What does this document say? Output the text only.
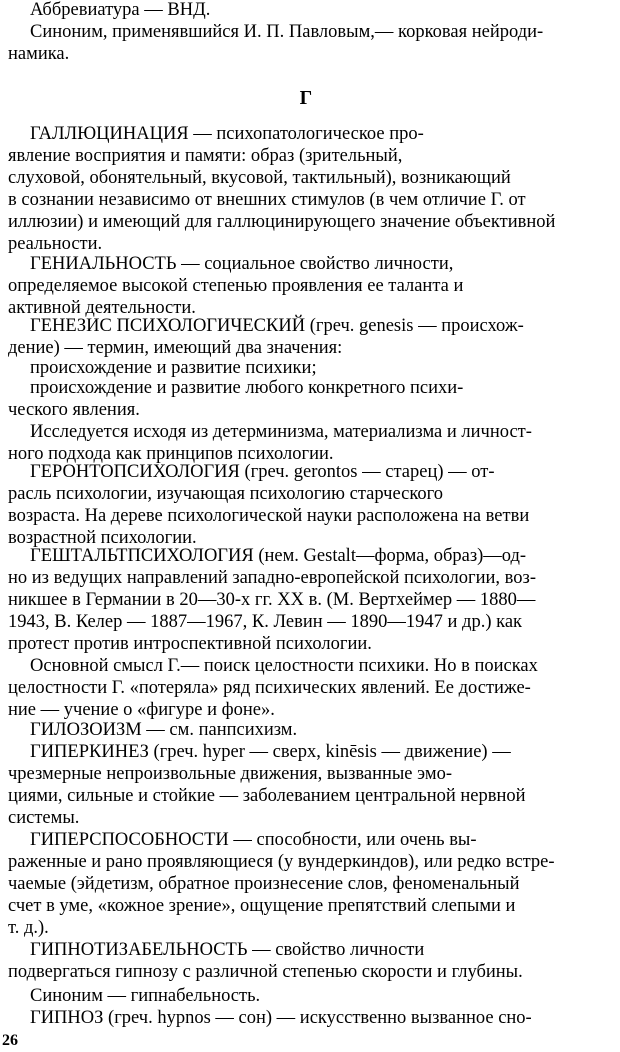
Аббревиатура — ВНД.
Синоним, применявшийся И. П. Павловым,— корковая нейроди-
намика.
Г
ГАЛЛЮЦИНАЦИЯ — психопатологическое про-
явление восприятия и памяти: образ (зрительный,
слуховой, обонятельный, вкусовой, тактильный), возникающий
в сознании независимо от внешних стимулов (в чем отличие Г. от
иллюзии) и имеющий для галлюцинирующего значение объективной
реальности.
ГЕНИАЛЬНОСТЬ — социальное свойство личности,
определяемое высокой степенью проявления ее таланта и
активной деятельности.
ГЕНЕЗИС ПСИХОЛОГИЧЕСКИЙ (греч. genesis — происхож-
дение) — термин, имеющий два значения:
происхождение и развитие психики;
происхождение и развитие любого конкретного психи-
ческого явления.
Исследуется исходя из детерминизма, материализма и личност-
ного подхода как принципов психологии.
ГЕРОНТОПСИХОЛОГИЯ (греч. gerontos — старец) — от-
расль психологии, изучающая психологию старческого
возраста. На дереве психологической науки расположена на ветви
возрастной психологии.
ГЕШТАЛЬТПСИХОЛОГИЯ (нем. Gestalt—форма, образ)—од-
но из ведущих направлений западно-европейской психологии, воз-
никшее в Германии в 20—30-х гг. XX в. (М. Вертхеймер — 1880—
1943, В. Келер — 1887—1967, К. Левин — 1890—1947 и др.) как
протест против интроспективной психологии.
Основной смысл Г.— поиск целостности психики. Но в поисках
целостности Г. «потеряла» ряд психических явлений. Ее достиже-
ние — учение о «фигуре и фоне».
ГИЛОЗОИЗМ — см. панпсихизм.
ГИПЕРКИНЕЗ (греч. hyper — сверх, kinēsis — движение) —
чрезмерные непроизвольные движения, вызванные эмо-
циями, сильные и стойкие — заболеванием центральной нервной
системы.
ГИПЕРСПОСОБНОСТИ — способности, или очень вы-
раженные и рано проявляющиеся (у вундеркиндов), или редко встре-
чаемые (эйдетизм, обратное произнесение слов, феноменальный
счет в уме, «кожное зрение», ощущение препятствий слепыми и
т. д.).
ГИПНОТИЗАБЕЛЬНОСТЬ — свойство личности
подвергаться гипнозу с различной степенью скорости и глубины.
Синоним — гипнабельность.
ГИПНОЗ (греч. hypnos — сон) — искусственно вызванное сно-
26
